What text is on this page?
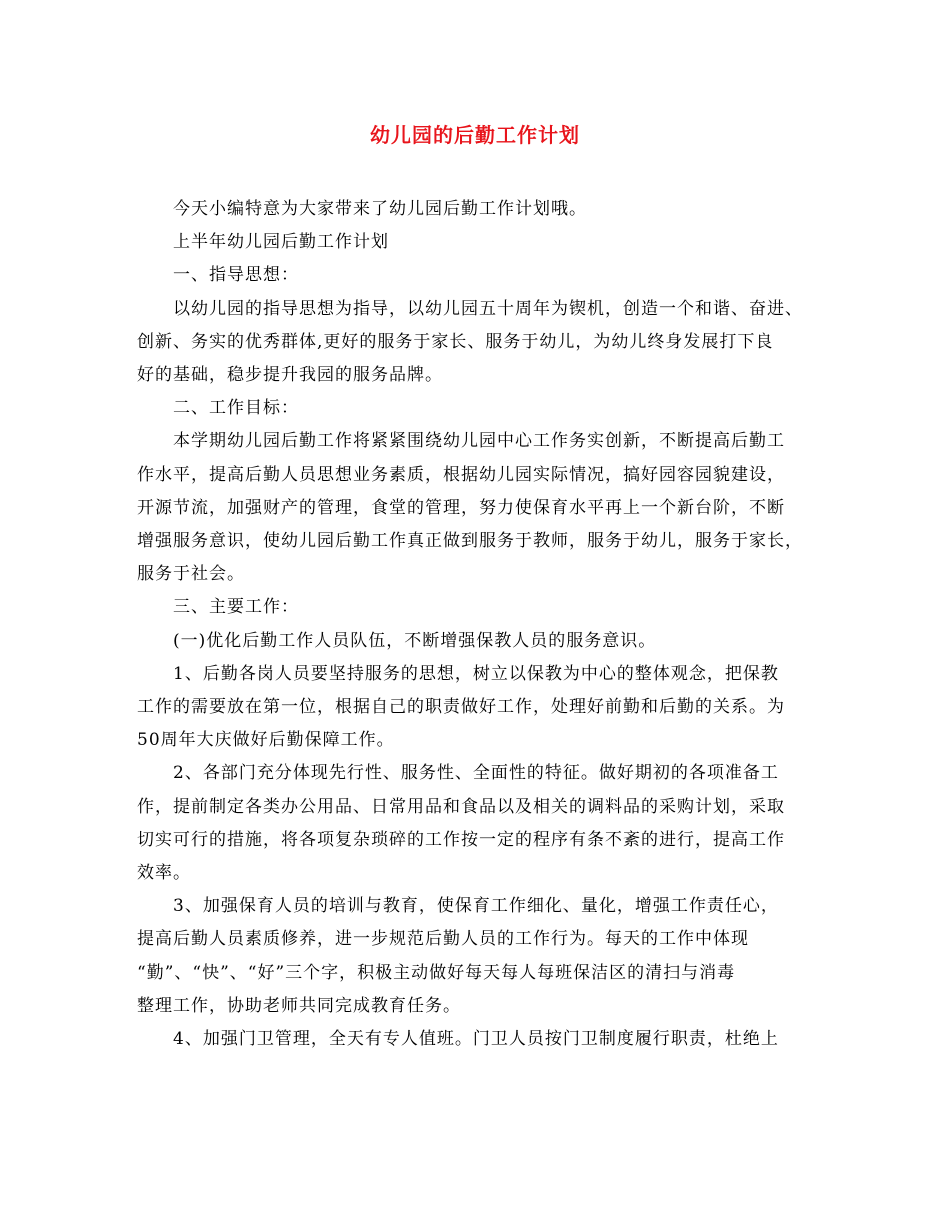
幼儿园的后勤工作计划

今天小编特意为大家带来了幼儿园后勤工作计划哦。

上半年幼儿园后勤工作计划

一、指导思想：

以幼儿园的指导思想为指导，以幼儿园五十周年为锲机，创造一个和谐、奋进、

创新、务实的优秀群体,更好的服务于家长、服务于幼儿，为幼儿终身发展打下良

好的基础，稳步提升我园的服务品牌。

二、工作目标：

本学期幼儿园后勤工作将紧紧围绕幼儿园中心工作务实创新，不断提高后勤工

作水平，提高后勤人员思想业务素质，根据幼儿园实际情况，搞好园容园貌建设，

开源节流，加强财产的管理，食堂的管理，努力使保育水平再上一个新台阶，不断

增强服务意识，使幼儿园后勤工作真正做到服务于教师，服务于幼儿，服务于家长，

服务于社会。

三、主要工作：

(一)优化后勤工作人员队伍，不断增强保教人员的服务意识。

1、后勤各岗人员要坚持服务的思想，树立以保教为中心的整体观念，把保教

工作的需要放在第一位，根据自己的职责做好工作，处理好前勤和后勤的关系。为

50周年大庆做好后勤保障工作。

2、各部门充分体现先行性、服务性、全面性的特征。做好期初的各项准备工

作，提前制定各类办公用品、日常用品和食品以及相关的调料品的采购计划，采取

切实可行的措施，将各项复杂琐碎的工作按一定的程序有条不紊的进行，提高工作

效率。

3、加强保育人员的培训与教育，使保育工作细化、量化，增强工作责任心，

提高后勤人员素质修养，进一步规范后勤人员的工作行为。每天的工作中体现

“勤”、“快”、“好”三个字，积极主动做好每天每人每班保洁区的清扫与消毒

整理工作，协助老师共同完成教育任务。

4、加强门卫管理，全天有专人值班。门卫人员按门卫制度履行职责，杜绝上
